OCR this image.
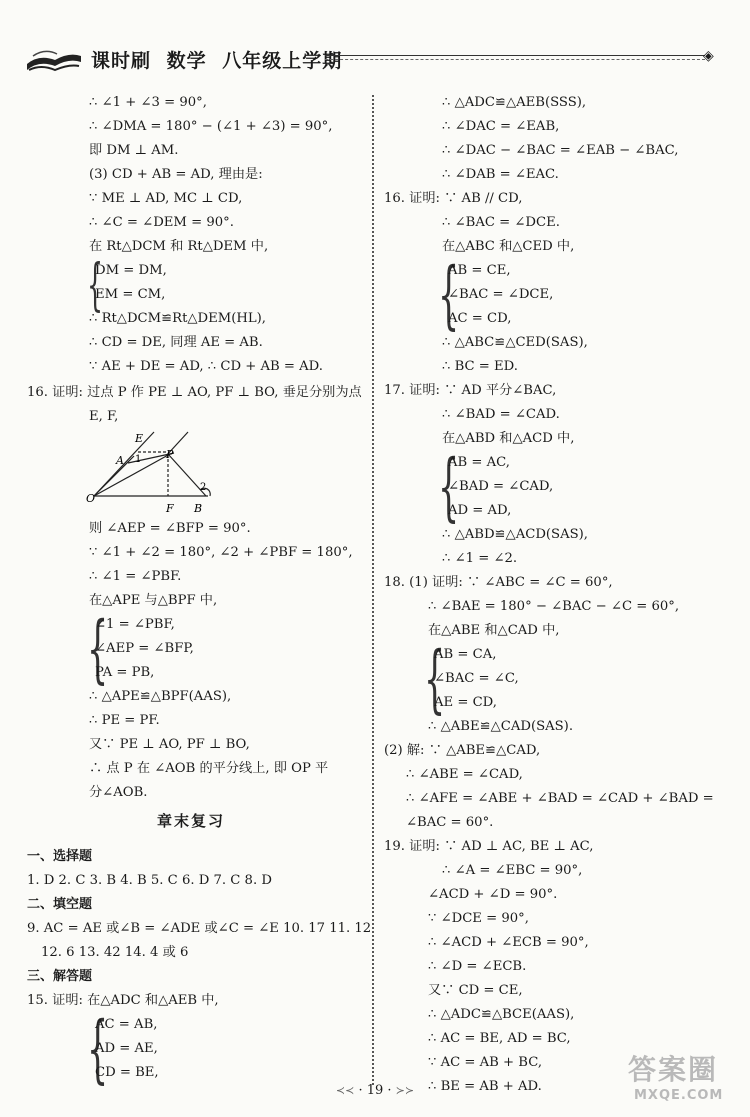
课时刷 数学 八年级上学期	◈
∴ ∠1 + ∠3 = 90°,
∴ ∠DMA = 180° − (∠1 + ∠3) = 90°,
即 DM ⊥ AM.
(3) CD + AB = AD, 理由是:
∵ ME ⊥ AD, MC ⊥ CD,
∴ ∠C = ∠DEM = 90°.
在 Rt△DCM 和 Rt△DEM 中,
{
DM = DM,
EM = CM,
∴ Rt△DCM≌Rt△DEM(HL),
∴ CD = DE, 同理 AE = AB.
∵ AE + DE = AD, ∴ CD + AB = AD.
16. 证明: 过点 P 作 PE ⊥ AO, PF ⊥ BO, 垂足分别为点
E, F,
则 ∠AEP = ∠BFP = 90°.
∵ ∠1 + ∠2 = 180°, ∠2 + ∠PBF = 180°,
∴ ∠1 = ∠PBF.
在△APE 与△BPF 中,
{
∠1 = ∠PBF,
∠AEP = ∠BFP,
PA = PB,
∴ △APE≌△BPF(AAS),
∴ PE = PF.
又∵ PE ⊥ AO, PF ⊥ BO,
∴ 点 P 在 ∠AOB 的平分线上, 即 OP 平
分∠AOB.
章末复习
一、选择题
1. D 2. C 3. B 4. B 5. C 6. D 7. C 8. D
二、填空题
9. AC = AE 或∠B = ∠ADE 或∠C = ∠E 10. 17 11. 12
12. 6 13. 42 14. 4 或 6
三、解答题
15. 证明: 在△ADC 和△AEB 中,
{
AC = AB,
AD = AE,
CD = BE,
E
A 1 P
O
F
2
B
∴ △ADC≌△AEB(SSS),
∴ ∠DAC = ∠EAB,
∴ ∠DAC − ∠BAC = ∠EAB − ∠BAC,
∴ ∠DAB = ∠EAC.
16. 证明: ∵ AB // CD,
∴ ∠BAC = ∠DCE.
在△ABC 和△CED 中,
{
AB = CE,
∠BAC = ∠DCE,
AC = CD,
∴ △ABC≌△CED(SAS),
∴ BC = ED.
17. 证明: ∵ AD 平分∠BAC,
∴ ∠BAD = ∠CAD.
在△ABD 和△ACD 中,
{
AB = AC,
∠BAD = ∠CAD,
AD = AD,
∴ △ABD≌△ACD(SAS),
∴ ∠1 = ∠2.
18. (1) 证明: ∵ ∠ABC = ∠C = 60°,
∴ ∠BAE = 180° − ∠BAC − ∠C = 60°,
在△ABE 和△CAD 中,
{
AB = CA,
∠BAC = ∠C,
AE = CD,
∴ △ABE≌△CAD(SAS).
(2) 解: ∵ △ABE≌△CAD,
∴ ∠ABE = ∠CAD,
∴ ∠AFE = ∠ABE + ∠BAD = ∠CAD + ∠BAD =
∠BAC = 60°.
19. 证明: ∵ AD ⊥ AC, BE ⊥ AC,
∴ ∠A = ∠EBC = 90°,
∠ACD + ∠D = 90°.
∵ ∠DCE = 90°,
∴ ∠ACD + ∠ECB = 90°,
∴ ∠D = ∠ECB.
又∵ CD = CE,
∴ △ADC≌△BCE(AAS),
∴ AC = BE, AD = BC,
∵ AC = AB + BC,
∴ BE = AB + AD.
≺≺ · 19 · ≻≻
答案圈
MXQE.COM
